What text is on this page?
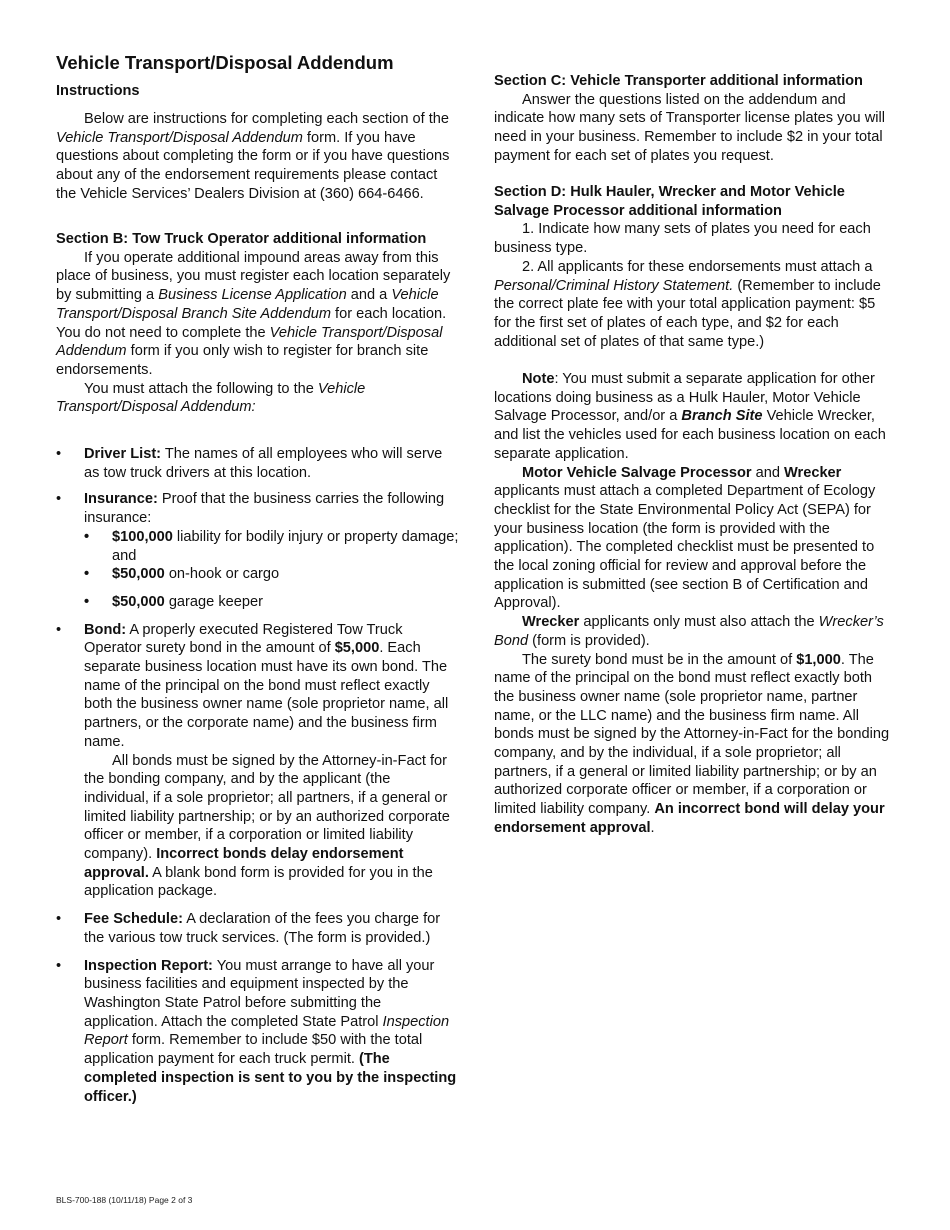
Vehicle Transport/Disposal Addendum

Instructions

Below are instructions for completing each section of the Vehicle Transport/Disposal Addendum form. If you have questions about completing the form or if you have questions about any of the endorsement requirements please contact the Vehicle Services’ Dealers Division at (360) 664-6466.

Section B: Tow Truck Operator additional information

If you operate additional impound areas away from this place of business, you must register each location separately by submitting a Business License Application and a Vehicle Transport/Disposal Branch Site Addendum for each location. You do not need to complete the Vehicle Transport/Disposal Addendum form if you only wish to register for branch site endorsements.

You must attach the following to the Vehicle Transport/Disposal Addendum:

• Driver List: The names of all employees who will serve as tow truck drivers at this location.
• Insurance: Proof that the business carries the following insurance:
• $100,000 liability for bodily injury or property damage; and
• $50,000 on-hook or cargo
• $50,000 garage keeper
• Bond: A properly executed Registered Tow Truck Operator surety bond in the amount of $5,000. Each separate business location must have its own bond. The name of the principal on the bond must reflect exactly both the business owner name (sole proprietor name, all partners, or the corporate name) and the business firm name.

All bonds must be signed by the Attorney-in-Fact for the bonding company, and by the applicant (the individual, if a sole proprietor; all partners, if a general or limited liability partnership; or by an authorized corporate officer or member, if a corporation or limited liability company). Incorrect bonds delay endorsement approval. A blank bond form is provided for you in the application package.

• Fee Schedule: A declaration of the fees you charge for the various tow truck services. (The form is provided.)
• Inspection Report: You must arrange to have all your business facilities and equipment inspected by the Washington State Patrol before submitting the application. Attach the completed State Patrol Inspection Report form. Remember to include $50 with the total application payment for each truck permit. (The completed inspection is sent to you by the inspecting officer.)

Section C: Vehicle Transporter additional information

Answer the questions listed on the addendum and indicate how many sets of Transporter license plates you will need in your business. Remember to include $2 in your total payment for each set of plates you request.

Section D: Hulk Hauler, Wrecker and Motor Vehicle Salvage Processor additional information

1. Indicate how many sets of plates you need for each business type.

2. All applicants for these endorsements must attach a Personal/Criminal History Statement. (Remember to include the correct plate fee with your total application payment: $5 for the first set of plates of each type, and $2 for each additional set of plates of that same type.)

Note: You must submit a separate application for other locations doing business as a Hulk Hauler, Motor Vehicle Salvage Processor, and/or a Branch Site Vehicle Wrecker, and list the vehicles used for each business location on each separate application.

Motor Vehicle Salvage Processor and Wrecker applicants must attach a completed Department of Ecology checklist for the State Environmental Policy Act (SEPA) for your business location (the form is provided with the application). The completed checklist must be presented to the local zoning official for review and approval before the application is submitted (see section B of Certification and Approval).

Wrecker applicants only must also attach the Wrecker’s Bond (form is provided).

The surety bond must be in the amount of $1,000. The name of the principal on the bond must reflect exactly both the business owner name (sole proprietor name, partner name, or the LLC name) and the business firm name. All bonds must be signed by the Attorney-in-Fact for the bonding company, and by the individual, if a sole proprietor; all partners, if a general or limited liability partnership; or by an authorized corporate officer or member, if a corporation or limited liability company. An incorrect bond will delay your endorsement approval.

BLS-700-188 (10/11/18) Page 2 of 3
